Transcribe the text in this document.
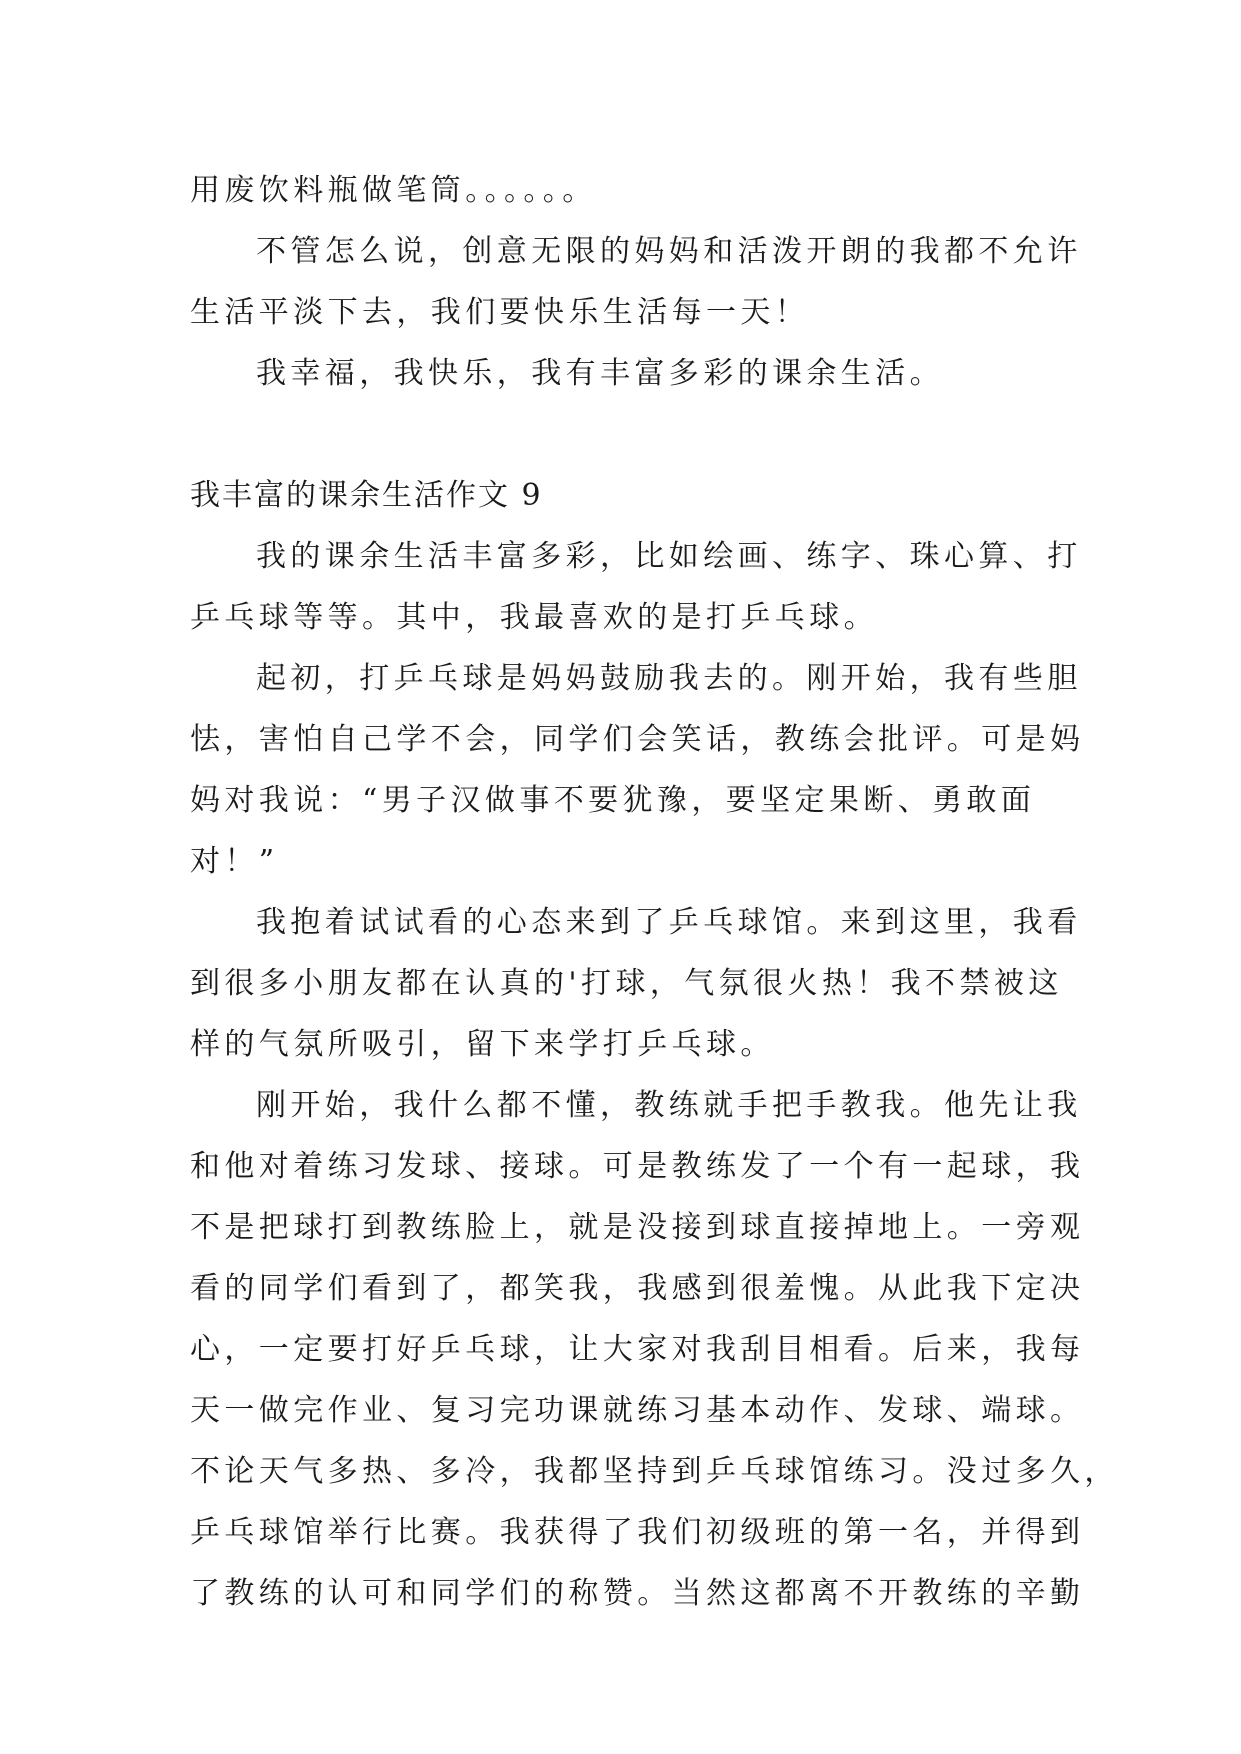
用废饮料瓶做笔筒。。。。。。
不管怎么说，创意无限的妈妈和活泼开朗的我都不允许
生活平淡下去，我们要快乐生活每一天！
我幸福，我快乐，我有丰富多彩的课余生活。
我丰富的课余生活作文 9
我的课余生活丰富多彩，比如绘画、练字、珠心算、打
乒乓球等等。其中，我最喜欢的是打乒乓球。
起初，打乒乓球是妈妈鼓励我去的。刚开始，我有些胆
怯，害怕自己学不会，同学们会笑话，教练会批评。可是妈
妈对我说：“男子汉做事不要犹豫，要坚定果断、勇敢面
对！”
我抱着试试看的心态来到了乒乓球馆。来到这里，我看
到很多小朋友都在认真的'打球，气氛很火热！我不禁被这
样的气氛所吸引，留下来学打乒乓球。
刚开始，我什么都不懂，教练就手把手教我。他先让我
和他对着练习发球、接球。可是教练发了一个有一起球，我
不是把球打到教练脸上，就是没接到球直接掉地上。一旁观
看的同学们看到了，都笑我，我感到很羞愧。从此我下定决
心，一定要打好乒乓球，让大家对我刮目相看。后来，我每
天一做完作业、复习完功课就练习基本动作、发球、端球。
不论天气多热、多冷，我都坚持到乒乓球馆练习。没过多久，
乒乓球馆举行比赛。我获得了我们初级班的第一名，并得到
了教练的认可和同学们的称赞。当然这都离不开教练的辛勤
